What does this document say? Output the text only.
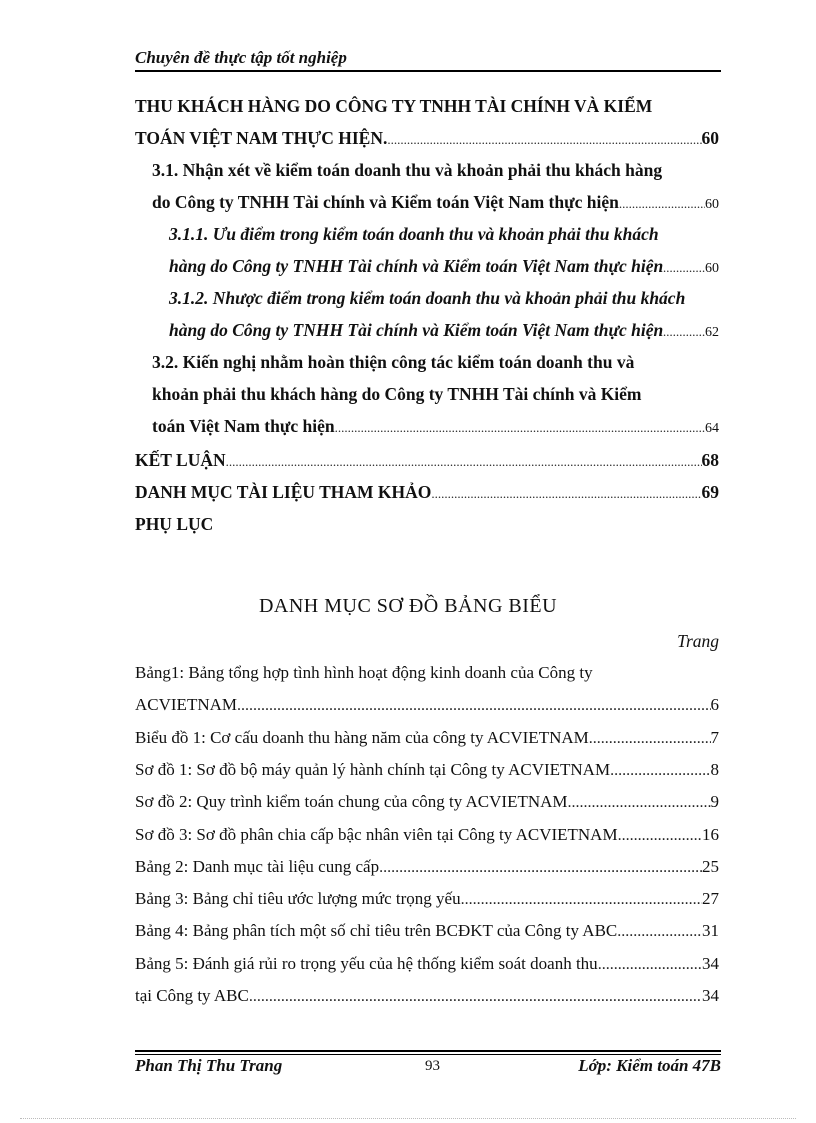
Chuyên đề thực tập tốt nghiệp
THU KHÁCH HÀNG DO CÔNG TY TNHH TÀI CHÍNH VÀ KIỂM
TOÁN VIỆT NAM THỰC HIỆN. .....	60
3.1. Nhận xét về kiểm toán doanh thu và khoản phải thu khách hàng
do Công ty TNHH Tài chính và Kiểm toán Việt Nam thực hiện .....	60
3.1.1. Ưu điểm trong kiểm toán doanh thu và khoản phải thu khách
hàng do Công ty TNHH Tài chính và Kiểm toán Việt Nam thực hiện .....	60
3.1.2. Nhược điểm trong kiểm toán doanh thu và khoản phải thu khách
hàng do Công ty TNHH Tài chính và Kiểm toán Việt Nam thực hiện .....	62
3.2. Kiến nghị nhằm hoàn thiện công tác kiểm toán doanh thu và
khoản phải thu khách hàng do Công ty TNHH Tài chính và Kiểm
toán Việt Nam thực hiện .....	64
KẾT LUẬN .....	68
DANH MỤC TÀI LIỆU THAM KHẢO .....	69
PHỤ LỤC
DANH MỤC SƠ ĐỒ BẢNG BIỂU
Trang
Bảng1: Bảng tổng hợp tình hình hoạt động kinh doanh của Công ty
ACVIETNAM .....	6
Biểu đồ 1: Cơ cấu doanh thu hàng năm của công ty ACVIETNAM .....	7
Sơ đồ 1: Sơ đồ bộ máy quản lý hành chính tại Công ty ACVIETNAM .....	8
Sơ đồ 2: Quy trình kiểm toán chung của công ty ACVIETNAM .....	9
Sơ đồ 3: Sơ đồ phân chia cấp bậc nhân viên tại Công ty ACVIETNAM .....	16
Bảng 2: Danh mục tài liệu cung cấp .....	25
Bảng 3: Bảng chỉ tiêu ước lượng mức trọng yếu .....	27
Bảng 4: Bảng phân tích một số chỉ tiêu trên BCĐKT của Công ty ABC .....	31
Bảng 5: Đánh giá rủi ro trọng yếu của hệ thống kiểm soát doanh thu .....	34
tại Công ty ABC .....	34
Phan Thị Thu Trang	93	Lớp: Kiểm toán 47B
